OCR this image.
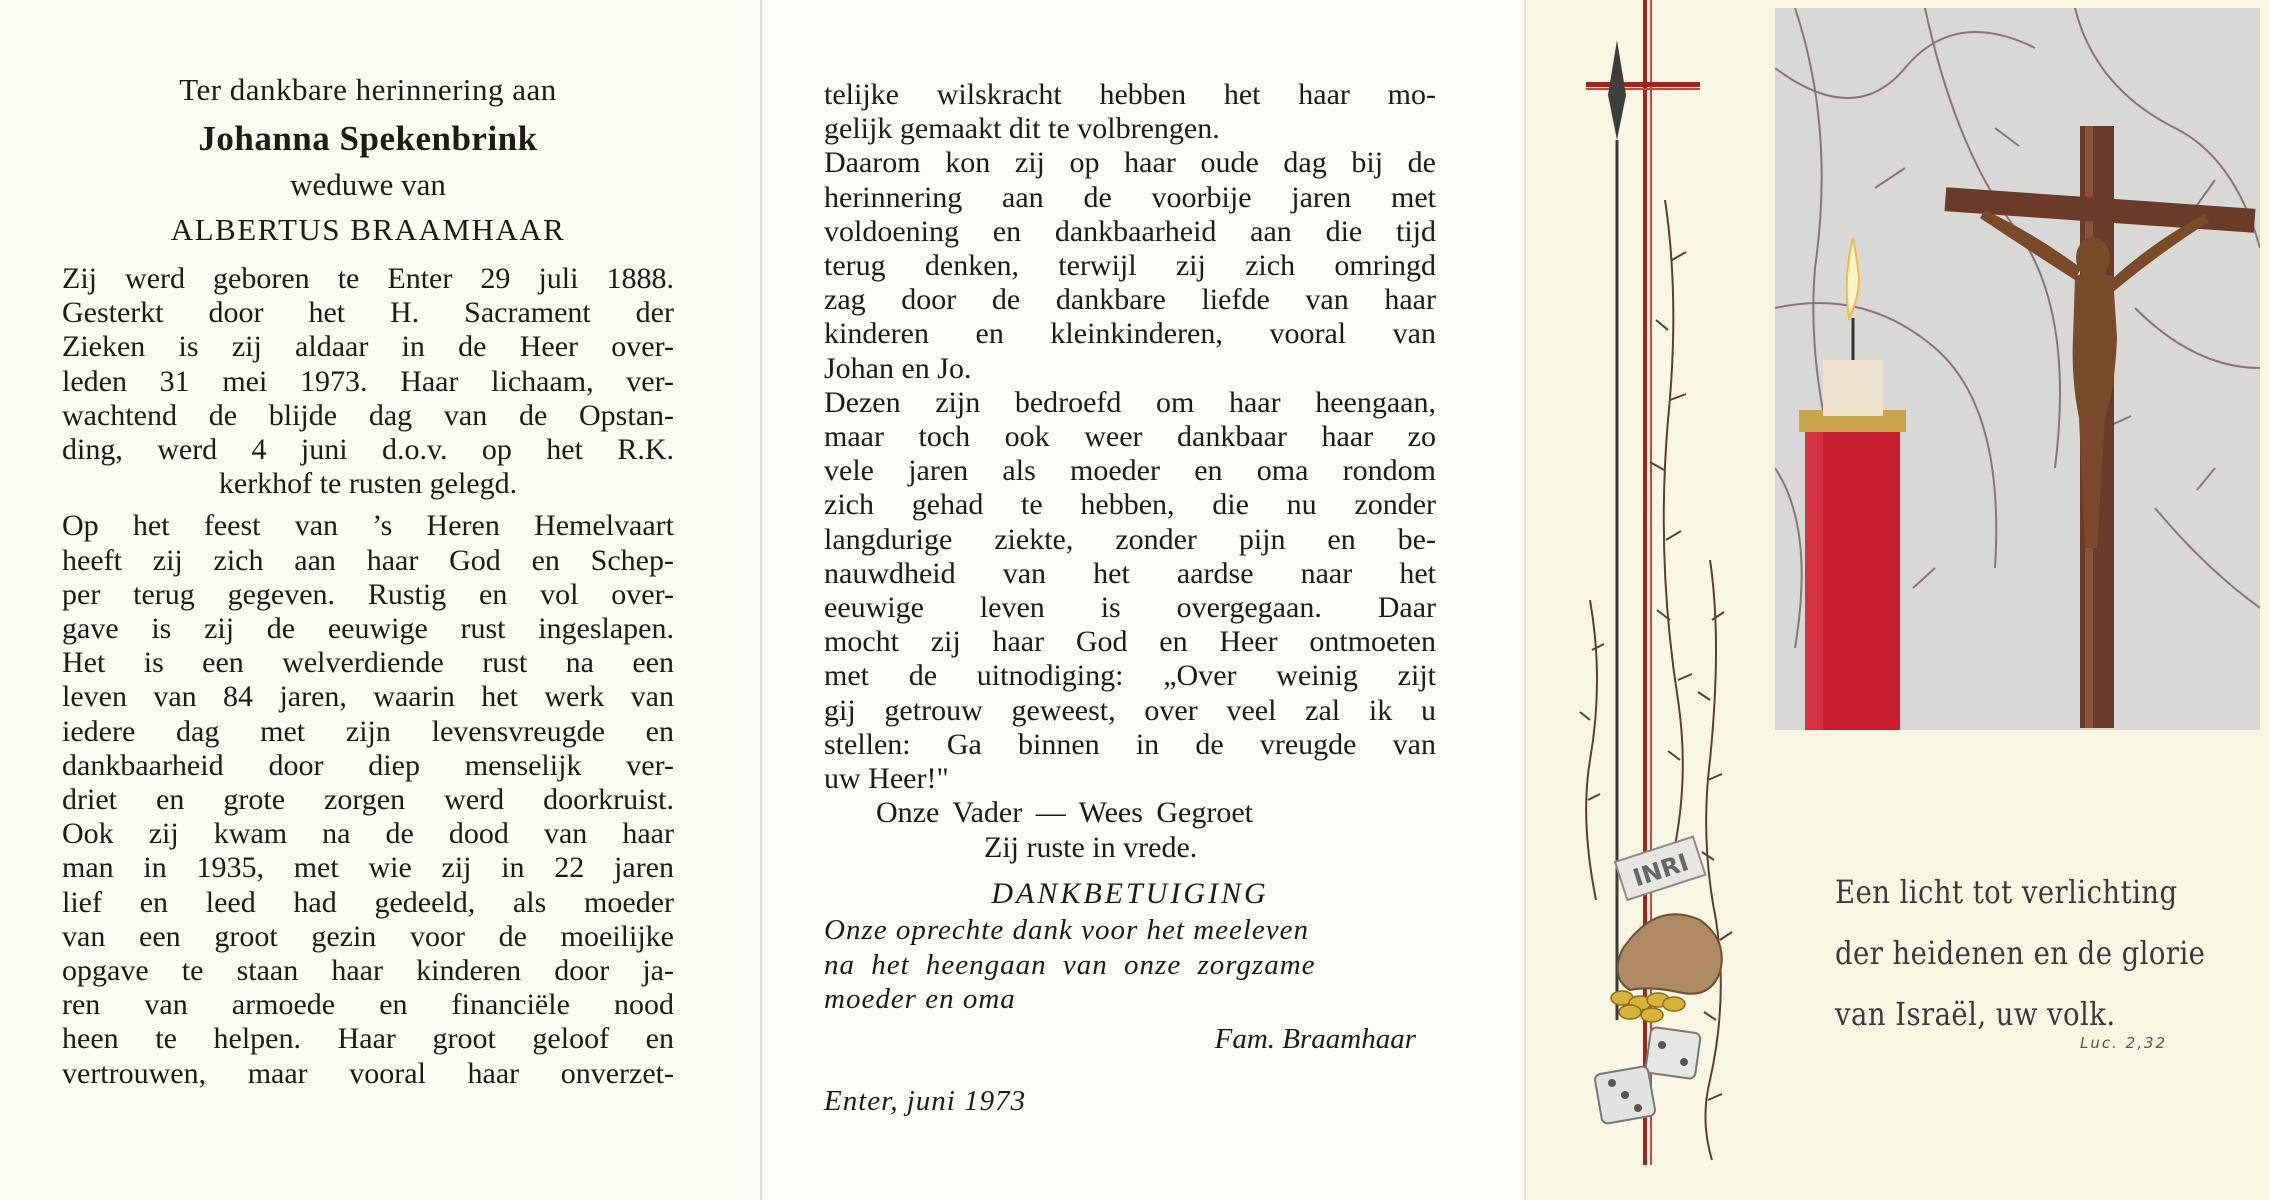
Ter dankbare herinnering aan
Johanna Spekenbrink
weduwe van
ALBERTUS BRAAMHAAR
Zij werd geboren te Enter 29 juli 1888.
Gesterkt door het H. Sacrament der
Zieken is zij aldaar in de Heer over-
leden 31 mei 1973. Haar lichaam, ver-
wachtend de blijde dag van de Opstan-
ding, werd 4 juni d.o.v. op het R.K.
kerkhof te rusten gelegd.
Op het feest van ’s Heren Hemelvaart
heeft zij zich aan haar God en Schep-
per terug gegeven. Rustig en vol over-
gave is zij de eeuwige rust ingeslapen.
Het is een welverdiende rust na een
leven van 84 jaren, waarin het werk van
iedere dag met zijn levensvreugde en
dankbaarheid door diep menselijk ver-
driet en grote zorgen werd doorkruist.
Ook zij kwam na de dood van haar
man in 1935, met wie zij in 22 jaren
lief en leed had gedeeld, als moeder
van een groot gezin voor de moeilijke
opgave te staan haar kinderen door ja-
ren van armoede en financiële nood
heen te helpen. Haar groot geloof en
vertrouwen, maar vooral haar onverzet-
telijke wilskracht hebben het haar mo-
gelijk gemaakt dit te volbrengen.
Daarom kon zij op haar oude dag bij de
herinnering aan de voorbije jaren met
voldoening en dankbaarheid aan die tijd
terug denken, terwijl zij zich omringd
zag door de dankbare liefde van haar
kinderen en kleinkinderen, vooral van
Johan en Jo.
Dezen zijn bedroefd om haar heengaan,
maar toch ook weer dankbaar haar zo
vele jaren als moeder en oma rondom
zich gehad te hebben, die nu zonder
langdurige ziekte, zonder pijn en be-
nauwdheid van het aardse naar het
eeuwige leven is overgegaan. Daar
mocht zij haar God en Heer ontmoeten
met de uitnodiging: „Over weinig zijt
gij getrouw geweest, over veel zal ik u
stellen: Ga binnen in de vreugde van
uw Heer!"
Onze Vader — Wees Gegroet
Zij ruste in vrede.
DANKBETUIGING
Onze oprechte dank voor het meeleven
na het heengaan van onze zorgzame
moeder en oma
Fam. Braamhaar
Enter, juni 1973
INRI	Een licht tot verlichting
der heidenen en de glorie
van Israël, uw volk.
Luc. 2,32
